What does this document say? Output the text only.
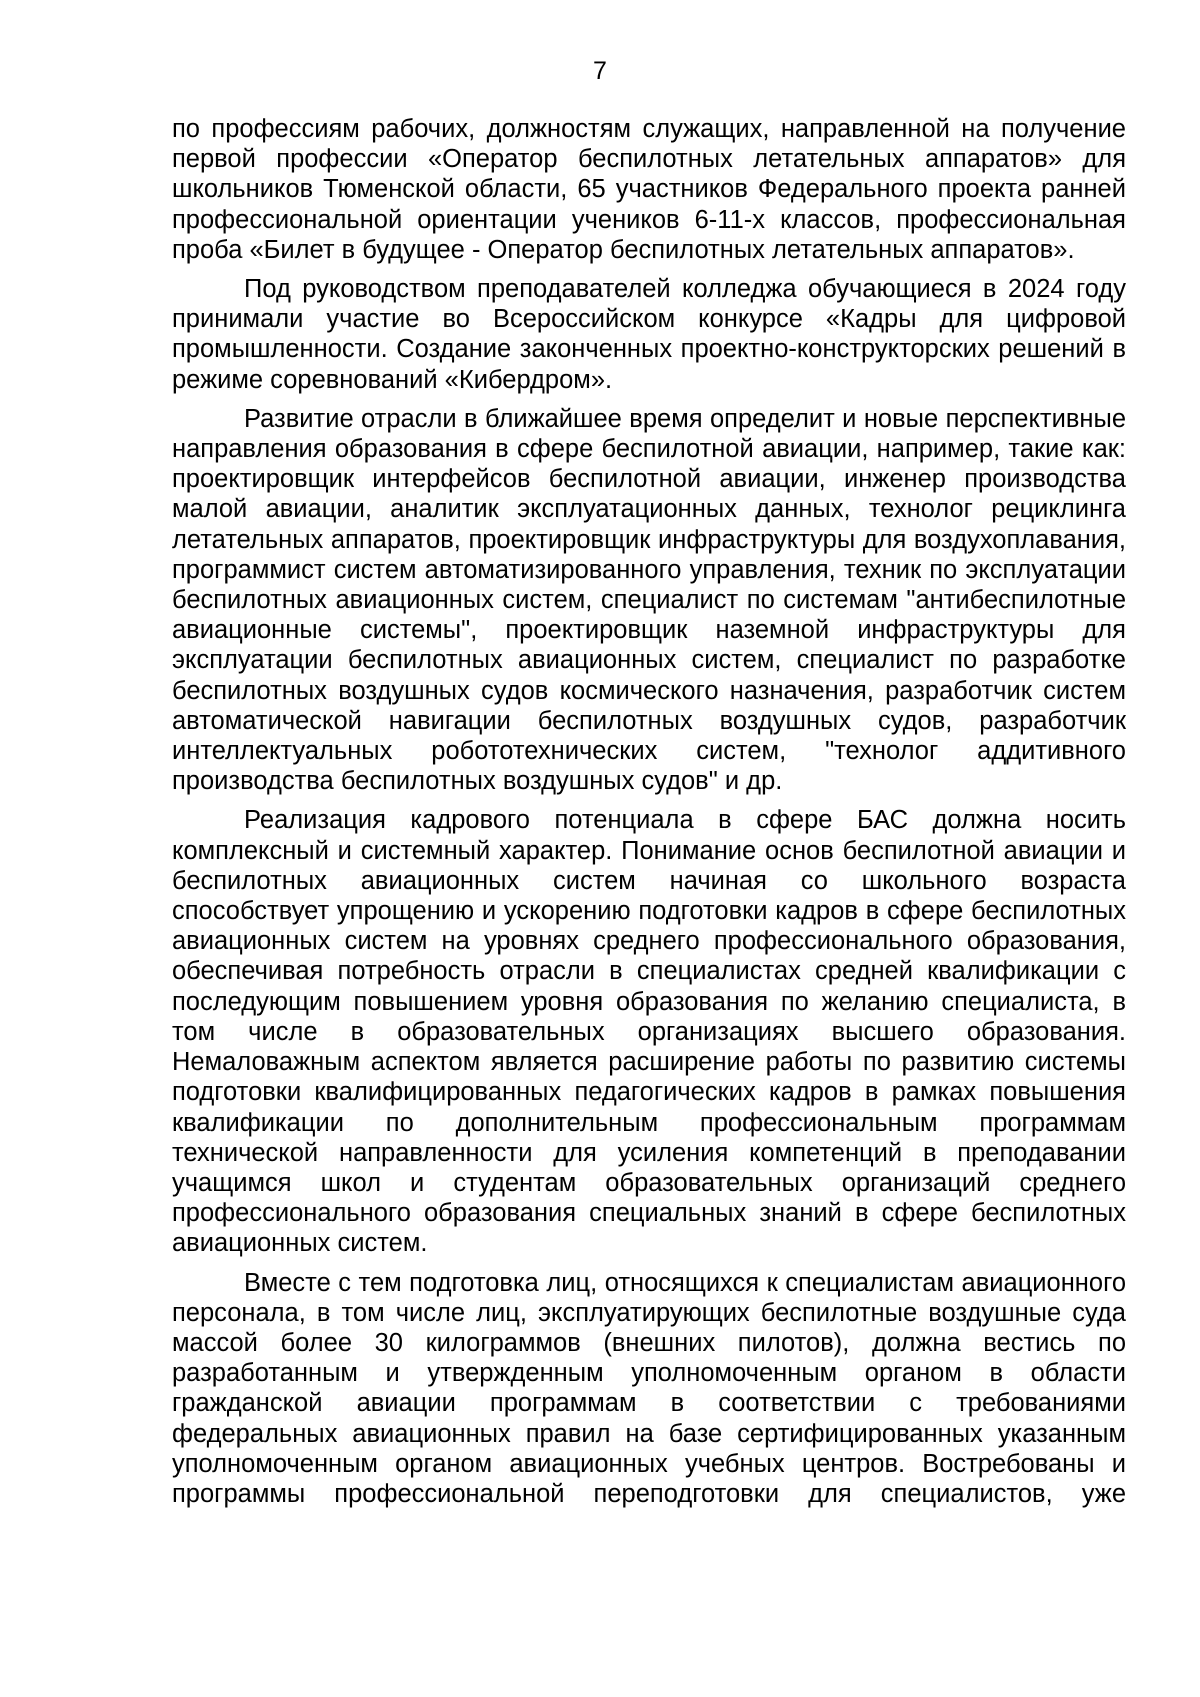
7

по профессиям рабочих, должностям служащих, направленной на получение первой профессии «Оператор беспилотных летательных аппаратов» для школьников Тюменской области, 65 участников Федерального проекта ранней профессиональной ориентации учеников 6-11-х классов, профессиональная проба «Билет в будущее - Оператор беспилотных летательных аппаратов».

Под руководством преподавателей колледжа обучающиеся в 2024 году принимали участие во Всероссийском конкурсе «Кадры для цифровой промышленности. Создание законченных проектно-конструкторских решений в режиме соревнований «Кибердром».

Развитие отрасли в ближайшее время определит и новые перспективные направления образования в сфере беспилотной авиации, например, такие как: проектировщик интерфейсов беспилотной авиации, инженер производства малой авиации, аналитик эксплуатационных данных, технолог рециклинга летательных аппаратов, проектировщик инфраструктуры для воздухоплавания, программист систем автоматизированного управления, техник по эксплуатации беспилотных авиационных систем, специалист по системам "антибеспилотные авиационные системы", проектировщик наземной инфраструктуры для эксплуатации беспилотных авиационных систем, специалист по разработке беспилотных воздушных судов космического назначения, разработчик систем автоматической навигации беспилотных воздушных судов, разработчик интеллектуальных робототехнических систем, "технолог аддитивного производства беспилотных воздушных судов" и др.

Реализация кадрового потенциала в сфере БАС должна носить комплексный и системный характер. Понимание основ беспилотной авиации и беспилотных авиационных систем начиная со школьного возраста способствует упрощению и ускорению подготовки кадров в сфере беспилотных авиационных систем на уровнях среднего профессионального образования, обеспечивая потребность отрасли в специалистах средней квалификации с последующим повышением уровня образования по желанию специалиста, в том числе в образовательных организациях высшего образования. Немаловажным аспектом является расширение работы по развитию системы подготовки квалифицированных педагогических кадров в рамках повышения квалификации по дополнительным профессиональным программам технической направленности для усиления компетенций в преподавании учащимся школ и студентам образовательных организаций среднего профессионального образования специальных знаний в сфере беспилотных авиационных систем.

Вместе с тем подготовка лиц, относящихся к специалистам авиационного персонала, в том числе лиц, эксплуатирующих беспилотные воздушные суда массой более 30 килограммов (внешних пилотов), должна вестись по разработанным и утвержденным уполномоченным органом в области гражданской авиации программам в соответствии с требованиями федеральных авиационных правил на базе сертифицированных указанным уполномоченным органом авиационных учебных центров. Востребованы и программы профессиональной переподготовки для специалистов, уже
